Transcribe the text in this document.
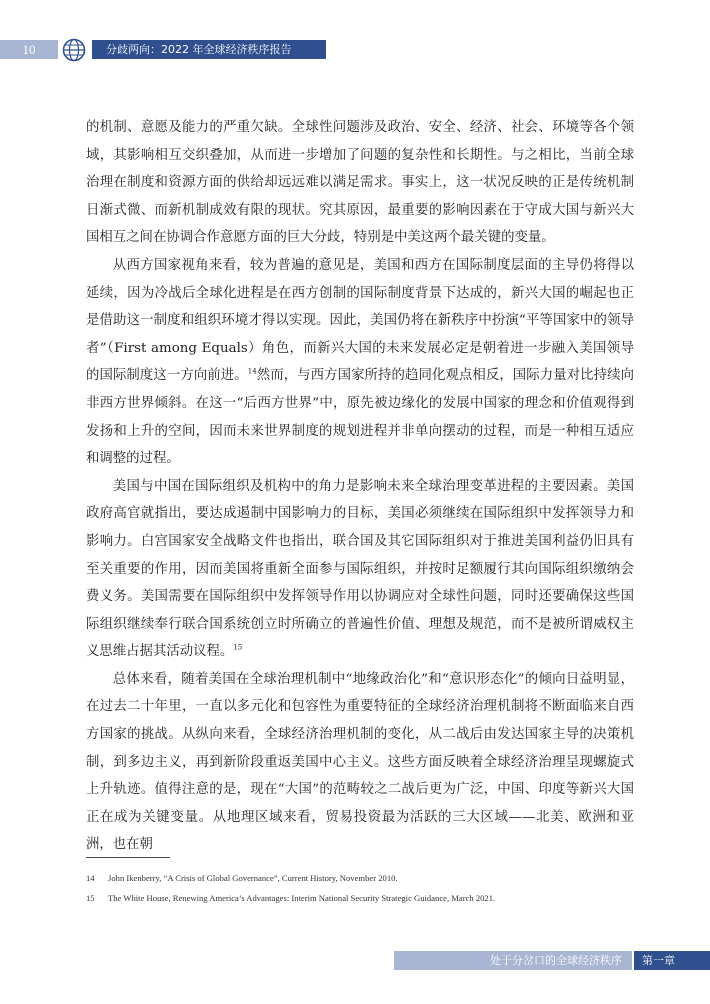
10	分歧两向：2022 年全球经济秩序报告

的机制、意愿及能力的严重欠缺。全球性问题涉及政治、安全、经济、社会、环境等各个领域，其影响相互交织叠加，从而进一步增加了问题的复杂性和长期性。与之相比，当前全球治理在制度和资源方面的供给却远远难以满足需求。事实上，这一状况反映的正是传统机制日渐式微、而新机制成效有限的现状。究其原因，最重要的影响因素在于守成大国与新兴大国相互之间在协调合作意愿方面的巨大分歧，特别是中美这两个最关键的变量。

从西方国家视角来看，较为普遍的意见是，美国和西方在国际制度层面的主导仍将得以延续，因为冷战后全球化进程是在西方创制的国际制度背景下达成的，新兴大国的崛起也正是借助这一制度和组织环境才得以实现。因此，美国仍将在新秩序中扮演“平等国家中的领导者”（First among Equals）角色，而新兴大国的未来发展必定是朝着进一步融入美国领导的国际制度这一方向前进。$^{14}$然而，与西方国家所持的趋同化观点相反，国际力量对比持续向非西方世界倾斜。在这一“后西方世界”中，原先被边缘化的发展中国家的理念和价值观得到发扬和上升的空间，因而未来世界制度的规划进程并非单向摆动的过程，而是一种相互适应和调整的过程。

美国与中国在国际组织及机构中的角力是影响未来全球治理变革进程的主要因素。美国政府高官就指出，要达成遏制中国影响力的目标，美国必须继续在国际组织中发挥领导力和影响力。白宫国家安全战略文件也指出，联合国及其它国际组织对于推进美国利益仍旧具有至关重要的作用，因而美国将重新全面参与国际组织，并按时足额履行其向国际组织缴纳会费义务。美国需要在国际组织中发挥领导作用以协调应对全球性问题，同时还要确保这些国际组织继续奉行联合国系统创立时所确立的普遍性价值、理想及规范，而不是被所谓威权主义思维占据其活动议程。$^{15}$

总体来看，随着美国在全球治理机制中“地缘政治化”和“意识形态化”的倾向日益明显，在过去二十年里，一直以多元化和包容性为重要特征的全球经济治理机制将不断面临来自西方国家的挑战。从纵向来看，全球经济治理机制的变化，从二战后由发达国家主导的决策机制，到多边主义，再到新阶段重返美国中心主义。这些方面反映着全球经济治理呈现螺旋式上升轨迹。值得注意的是，现在“大国”的范畴较之二战后更为广泛，中国、印度等新兴大国正在成为关键变量。从地理区域来看，贸易投资最为活跃的三大区域——北美、欧洲和亚洲，也在朝

14	John Ikenberry, “A Crisis of Global Governance”, Current History, November 2010.
15	The White House, Renewing America’s Advantages: Interim National Security Strategic Guidance, March 2021.
处于分岔口的全球经济秩序	第一章
